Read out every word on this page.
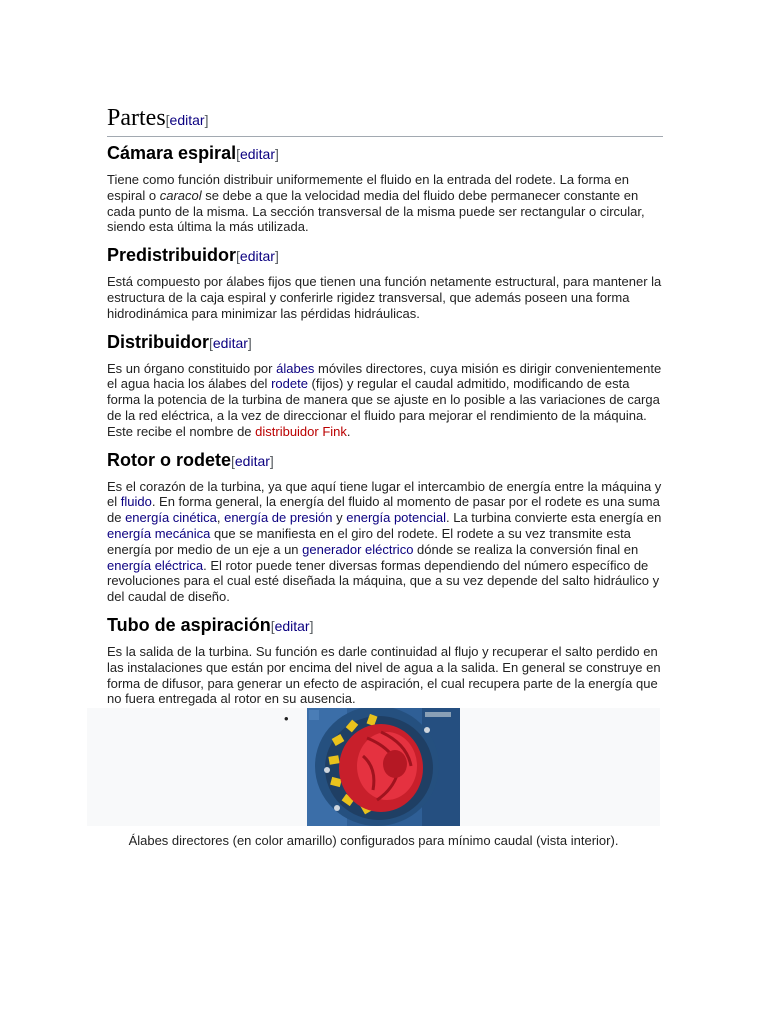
Partes[editar]
Cámara espiral[editar]

Tiene como función distribuir uniformemente el fluido en la entrada del rodete. La forma en espiral o caracol se debe a que la velocidad media del fluido debe permanecer constante en cada punto de la misma. La sección transversal de la misma puede ser rectangular o circular, siendo esta última la más utilizada.

Predistribuidor[editar]

Está compuesto por álabes fijos que tienen una función netamente estructural, para mantener la estructura de la caja espiral y conferirle rigidez transversal, que además poseen una forma hidrodinámica para minimizar las pérdidas hidráulicas.

Distribuidor[editar]

Es un órgano constituido por álabes móviles directores, cuya misión es dirigir convenientemente el agua hacia los álabes del rodete (fijos) y regular el caudal admitido, modificando de esta forma la potencia de la turbina de manera que se ajuste en lo posible a las variaciones de carga de la red eléctrica, a la vez de direccionar el fluido para mejorar el rendimiento de la máquina. Este recibe el nombre de distribuidor Fink.

Rotor o rodete[editar]

Es el corazón de la turbina, ya que aquí tiene lugar el intercambio de energía entre la máquina y el fluido. En forma general, la energía del fluido al momento de pasar por el rodete es una suma de energía cinética, energía de presión y energía potencial. La turbina convierte esta energía en energía mecánica que se manifiesta en el giro del rodete. El rodete a su vez transmite esta energía por medio de un eje a un generador eléctrico dónde se realiza la conversión final en energía eléctrica. El rotor puede tener diversas formas dependiendo del número específico de revoluciones para el cual esté diseñada la máquina, que a su vez depende del salto hidráulico y del caudal de diseño.

Tubo de aspiración[editar]

Es la salida de la turbina. Su función es darle continuidad al flujo y recuperar el salto perdido en las instalaciones que están por encima del nivel de agua a la salida. En general se construye en forma de difusor, para generar un efecto de aspiración, el cual recupera parte de la energía que no fuera entregada al rotor en su ausencia.

•
Álabes directores (en color amarillo) configurados para mínimo caudal (vista interior).
